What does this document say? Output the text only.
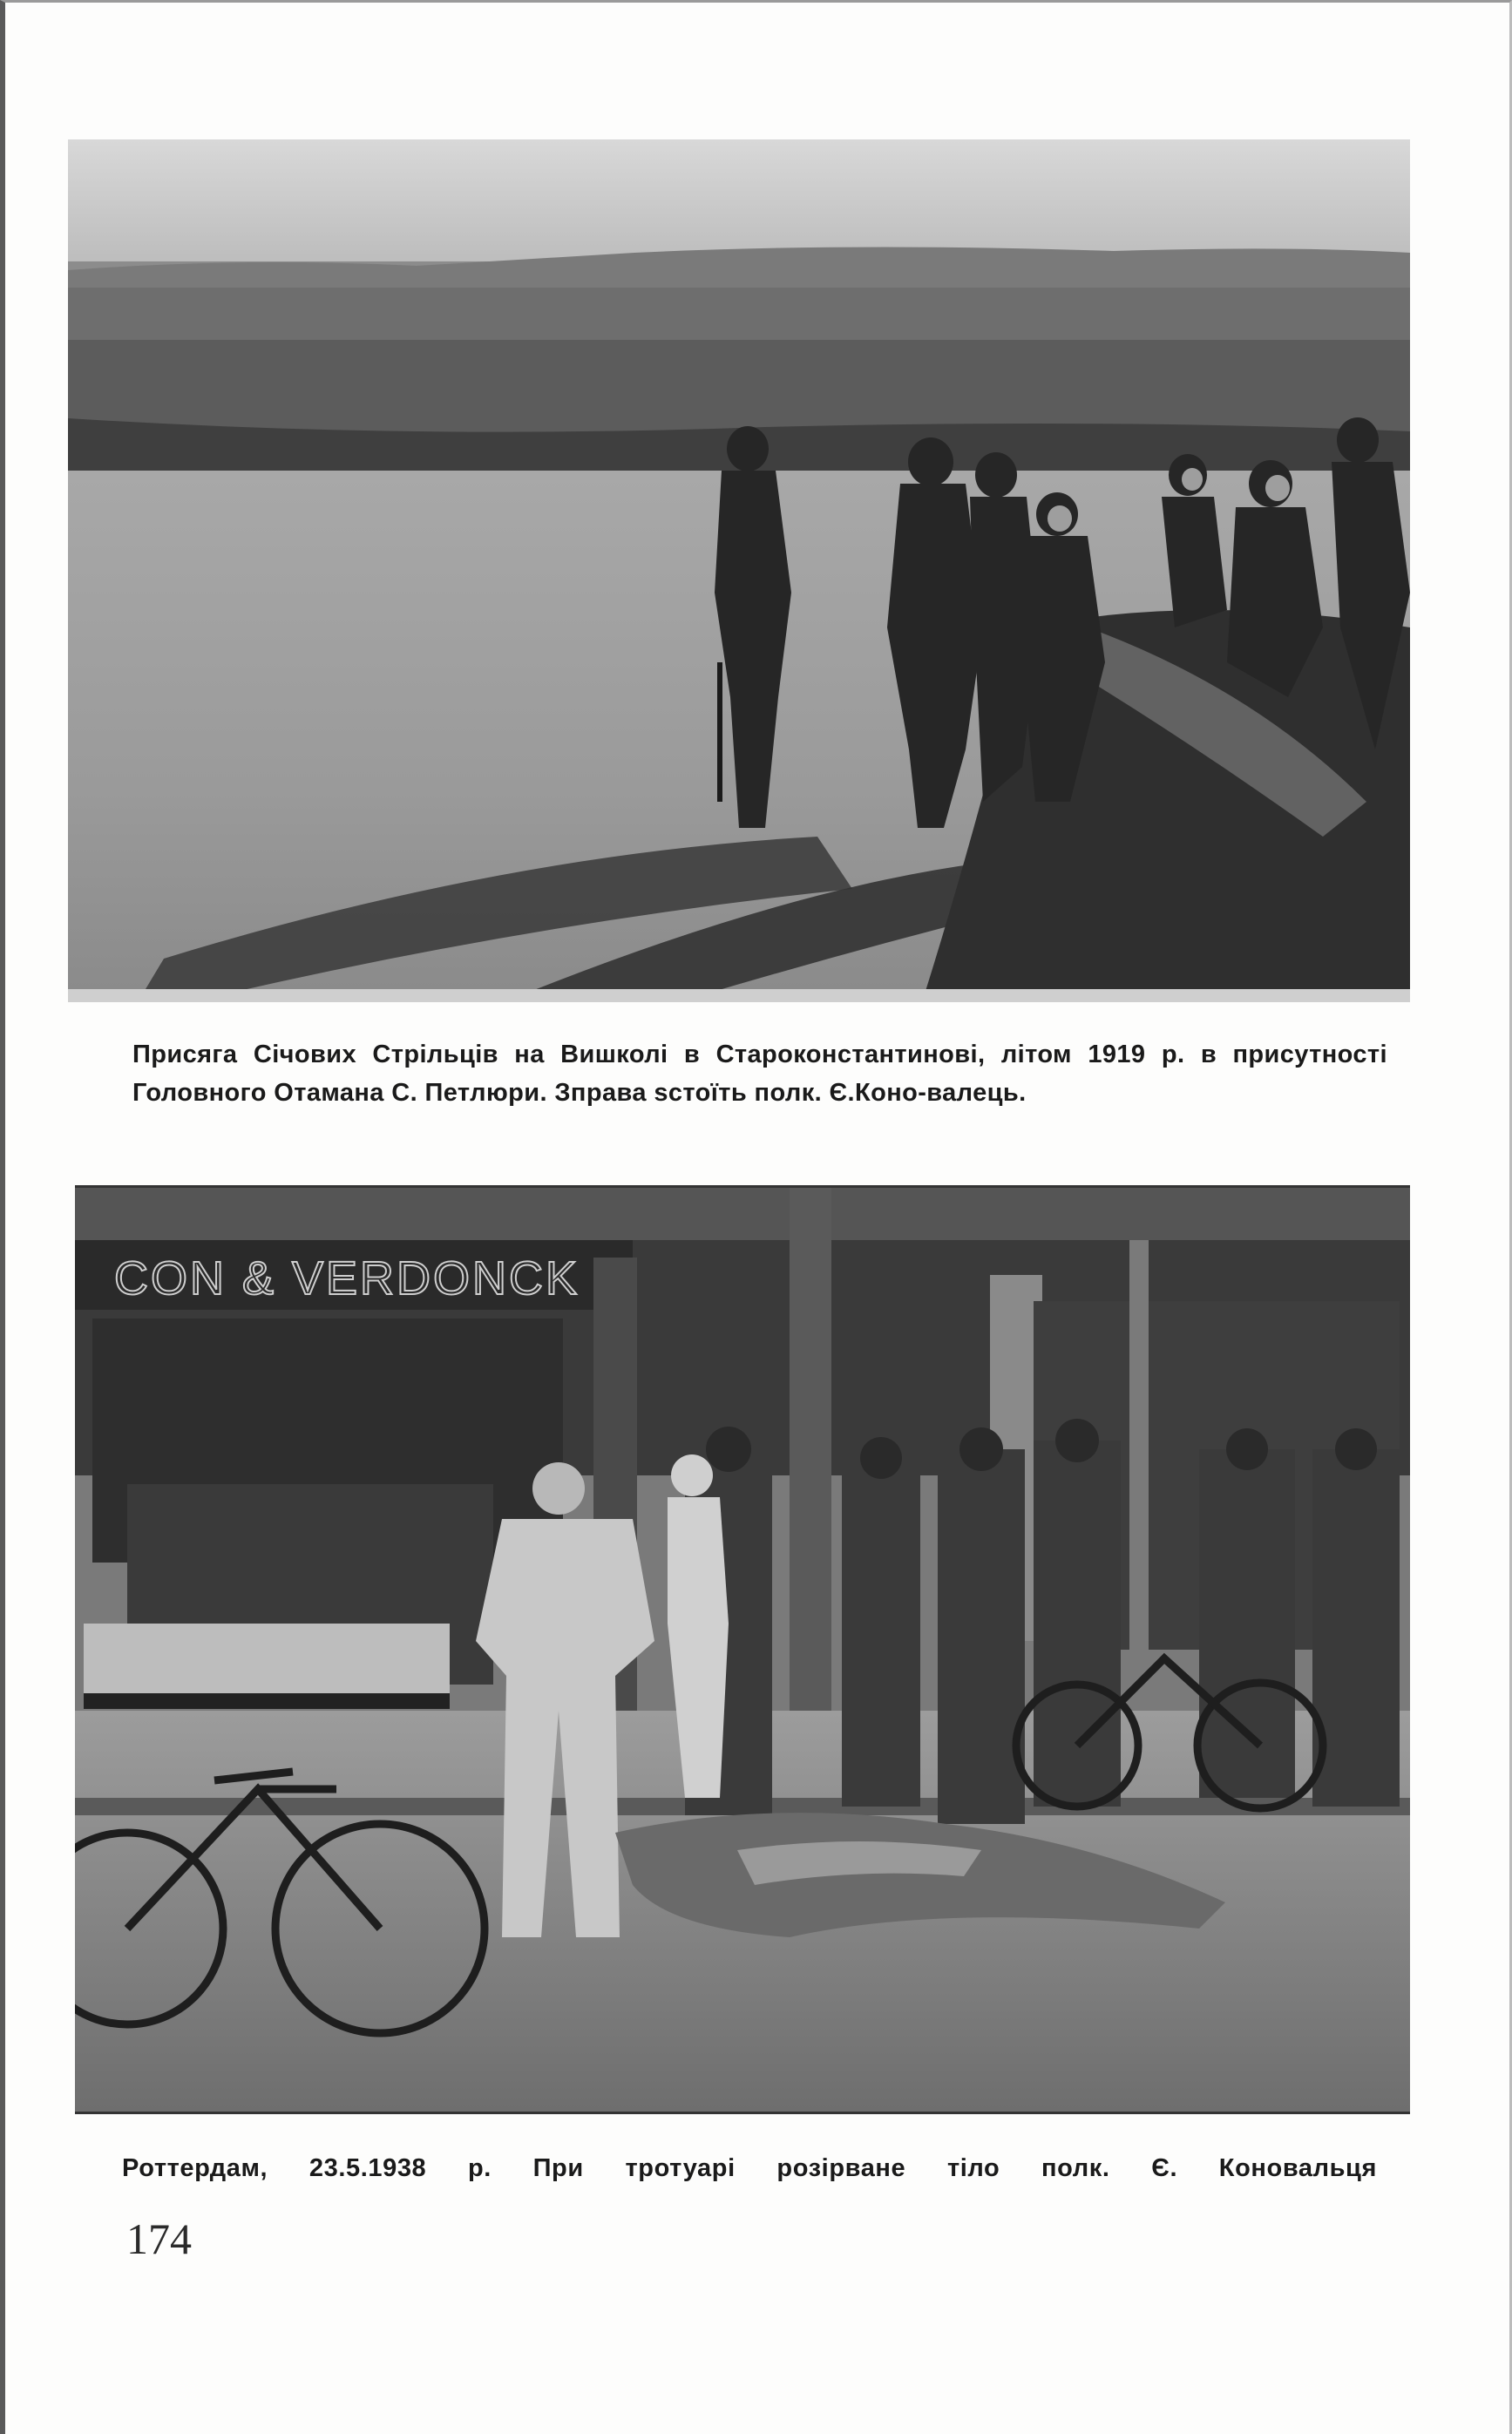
Присяга Січових Стрільців на Вишколі в Староконстантинові, літом 1919 р. в присутності Головного Отамана С. Петлюри. Зправа sстоїть полк. Є.Коно-валець.
CON & VERDONCK
Роттердам, 23.5.1938 р. При тротуарі розірване тіло полк. Є. Коновальця
174
